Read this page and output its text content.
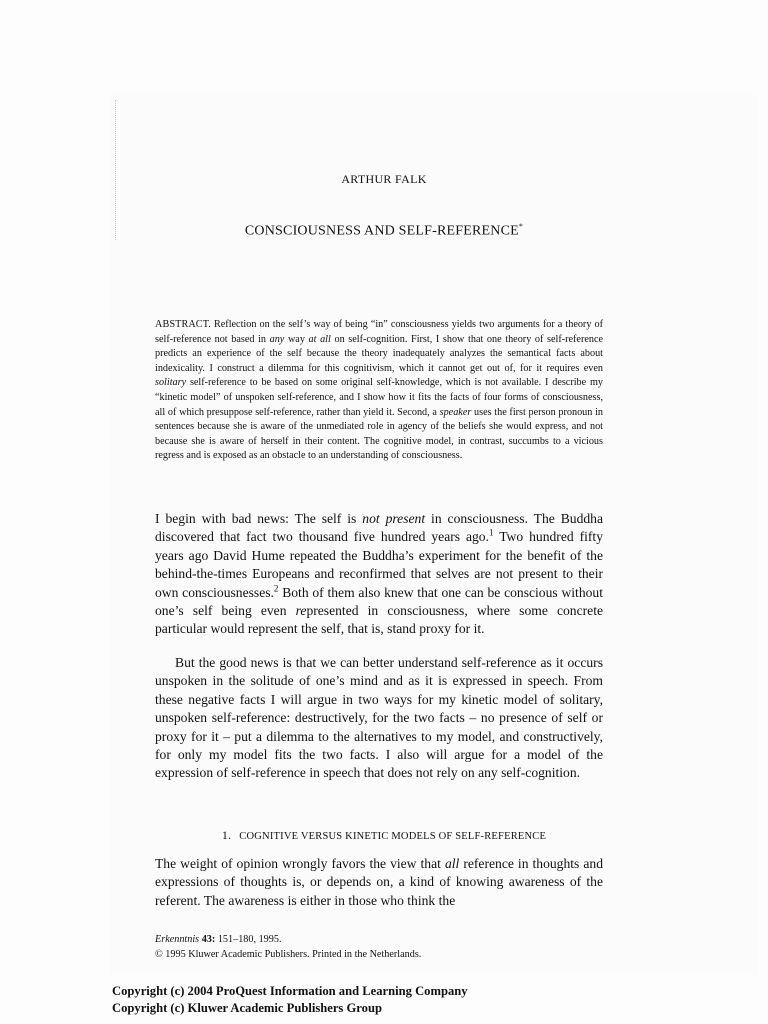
ARTHUR FALK
CONSCIOUSNESS AND SELF-REFERENCE*
ABSTRACT. Reflection on the self’s way of being “in” consciousness yields two arguments for a theory of self-reference not based in any way at all on self-cognition. First, I show that one theory of self-reference predicts an experience of the self because the theory inadequately analyzes the semantical facts about indexicality. I construct a dilemma for this cognitivism, which it cannot get out of, for it requires even solitary self-reference to be based on some original self-knowledge, which is not available. I describe my “kinetic model” of unspoken self-reference, and I show how it fits the facts of four forms of consciousness, all of which presuppose self-reference, rather than yield it. Second, a speaker uses the first person pronoun in sentences because she is aware of the unmediated role in agency of the beliefs she would express, and not because she is aware of herself in their content. The cognitive model, in contrast, succumbs to a vicious regress and is exposed as an obstacle to an understanding of consciousness.
I begin with bad news: The self is not present in consciousness. The Buddha discovered that fact two thousand five hundred years ago.$^1$ Two hundred fifty years ago David Hume repeated the Buddha’s experiment for the benefit of the behind-the-times Europeans and reconfirmed that selves are not present to their own consciousnesses.$^2$ Both of them also knew that one can be conscious without one’s self being even represented in consciousness, where some concrete particular would represent the self, that is, stand proxy for it.
But the good news is that we can better understand self-reference as it occurs unspoken in the solitude of one’s mind and as it is expressed in speech. From these negative facts I will argue in two ways for my kinetic model of solitary, unspoken self-reference: destructively, for the two facts – no presence of self or proxy for it – put a dilemma to the alternatives to my model, and constructively, for only my model fits the two facts. I also will argue for a model of the expression of self-reference in speech that does not rely on any self-cognition.
1. COGNITIVE VERSUS KINETIC MODELS OF SELF-REFERENCE
The weight of opinion wrongly favors the view that all reference in thoughts and expressions of thoughts is, or depends on, a kind of knowing awareness of the referent. The awareness is either in those who think the
Erkenntnis 43: 151–180, 1995.
© 1995 Kluwer Academic Publishers. Printed in the Netherlands.
Copyright (c) 2004 ProQuest Information and Learning Company
Copyright (c) Kluwer Academic Publishers Group
